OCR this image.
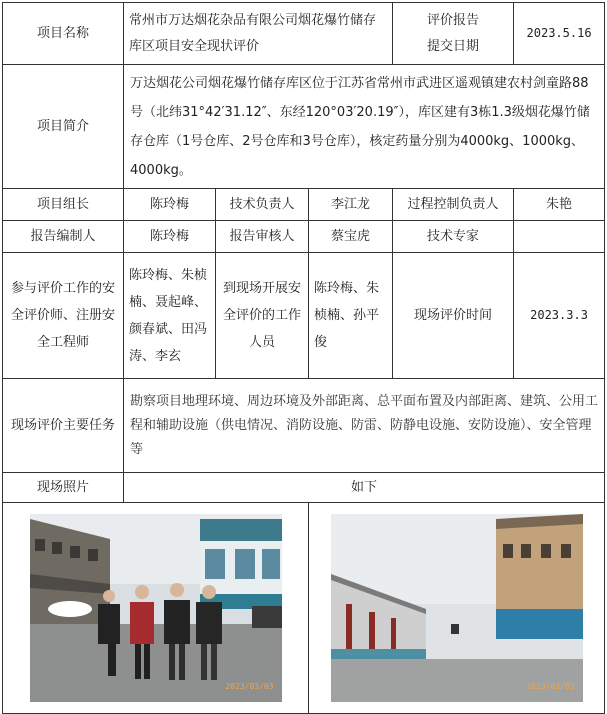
项目名称	常州市万达烟花杂品有限公司烟花爆竹储存库区项目安全现状评价			评价报告提交日期	2023.5.16
项目简介	万达烟花公司烟花爆竹储存库区位于江苏省常州市武进区遥观镇建农村剑童路88号（北纬31°42′31.12″、东经120°03′20.19″），库区建有3栋1.3级烟花爆竹储存仓库（1号仓库、2号仓库和3号仓库），核定药量分别为4000kg、1000kg、4000kg。				
项目组长	陈玲梅	技术负责人	李江龙	过程控制负责人	朱艳
报告编制人	陈玲梅	报告审核人	蔡宝虎	技术专家	
参与评价工作的安全评价师、注册安全工程师	陈玲梅、朱桢楠、聂起峰、颜春斌、田冯涛、李玄	到现场开展安全评价的工作人员	陈玲梅、朱桢楠、孙平俊	现场评价时间	2023.3.3
现场评价主要任务	勘察项目地理环境、周边环境及外部距离、总平面布置及内部距离、建筑、公用工程和辅助设施（供电情况、消防设施、防雷、防静电设施、安防设施）、安全管理等				
现场照片	如下				

2023/03/03			2023/03/03		
